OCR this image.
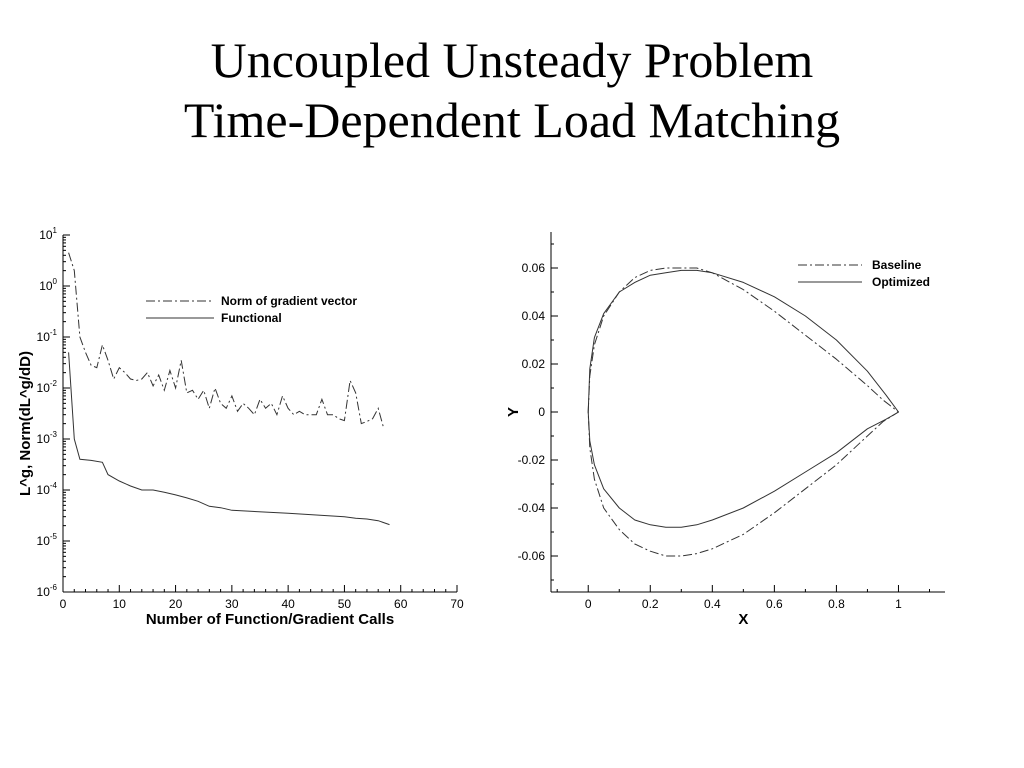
Uncoupled Unsteady Problem
Time-Dependent Load Matching
$10^1$
$10^0$
$10^{-1}$
$10^{-2}$
$10^{-3}$
$10^{-4}$
$10^{-5}$
$10^{-6}$
0	10	20	30	40	50	60	70
Number of Function/Gradient Calls
L^g, Norm(dL^g/dD)
Norm of gradient vector
Functional
0.06
0.04
0.02
0
-0.02
-0.04
-0.06
0	0.2	0.4	0.6	0.8	1
X
Y
Baseline
Optimized
